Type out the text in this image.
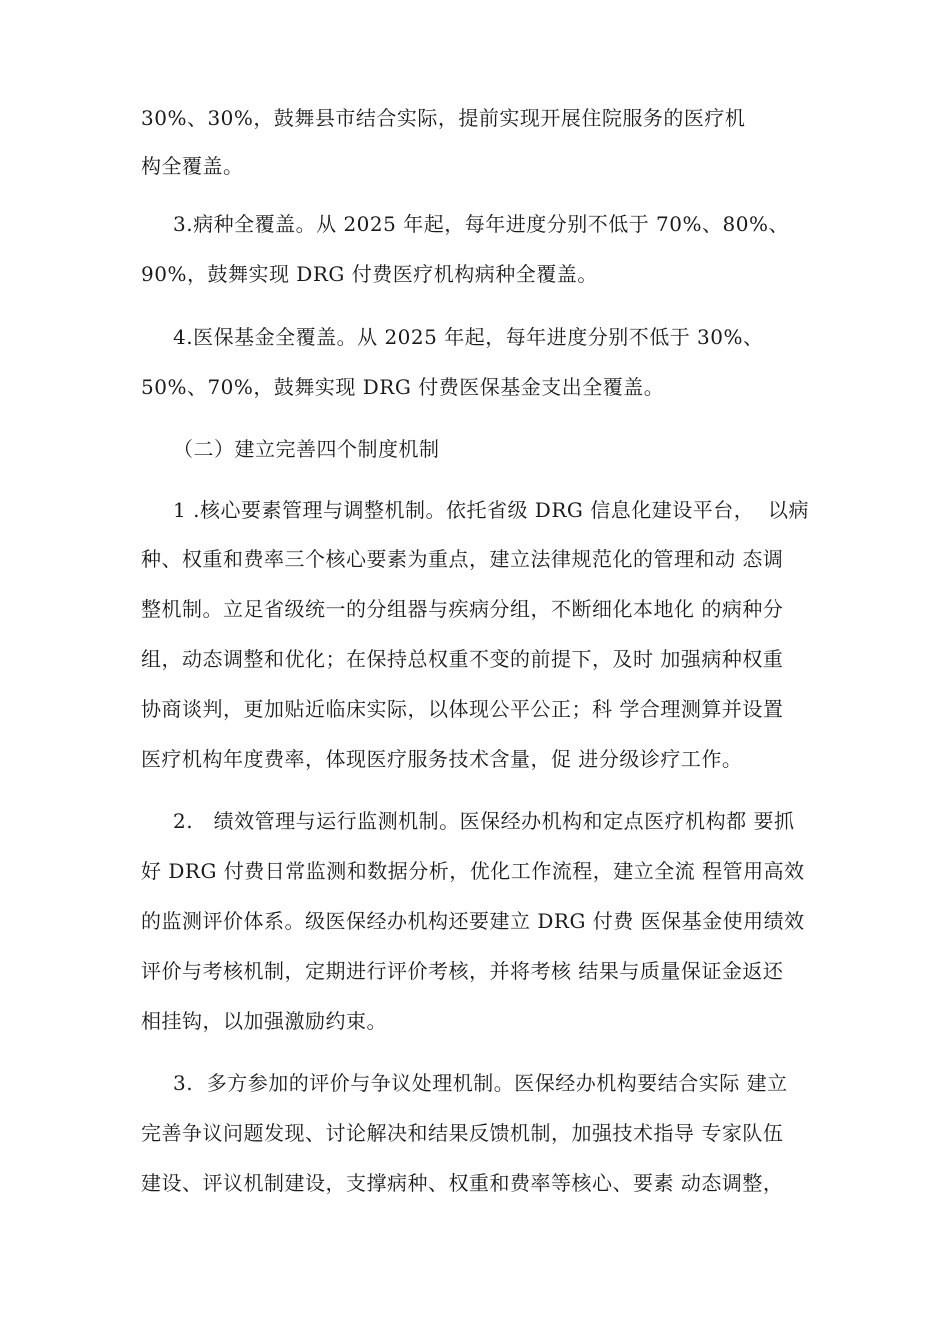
30%、30%，鼓舞县市结合实际，提前实现开展住院服务的医疗机
构全覆盖。
3.病种全覆盖。从 2025 年起，每年进度分别不低于 70%、80%、
90%，鼓舞实现 DRG 付费医疗机构病种全覆盖。
4.医保基金全覆盖。从 2025 年起，每年进度分别不低于 30%、
50%、70%，鼓舞实现 DRG 付费医保基金支出全覆盖。
（二）建立完善四个制度机制
1 .核心要素管理与调整机制。依托省级 DRG 信息化建设平台，  以病
种、权重和费率三个核心要素为重点，建立法律规范化的管理和动 态调
整机制。立足省级统一的分组器与疾病分组，不断细化本地化 的病种分
组，动态调整和优化；在保持总权重不变的前提下，及时 加强病种权重
协商谈判，更加贴近临床实际，以体现公平公正；科 学合理测算并设置
医疗机构年度费率，体现医疗服务技术含量，促 进分级诊疗工作。
2.   绩效管理与运行监测机制。医保经办机构和定点医疗机构都 要抓
好 DRG 付费日常监测和数据分析，优化工作流程，建立全流 程管用高效
的监测评价体系。级医保经办机构还要建立 DRG 付费 医保基金使用绩效
评价与考核机制，定期进行评价考核，并将考核 结果与质量保证金返还
相挂钩，以加强激励约束。
3.  多方参加的评价与争议处理机制。医保经办机构要结合实际 建立
完善争议问题发现、讨论解决和结果反馈机制，加强技术指导 专家队伍
建设、评议机制建设，支撑病种、权重和费率等核心、要素 动态调整，
